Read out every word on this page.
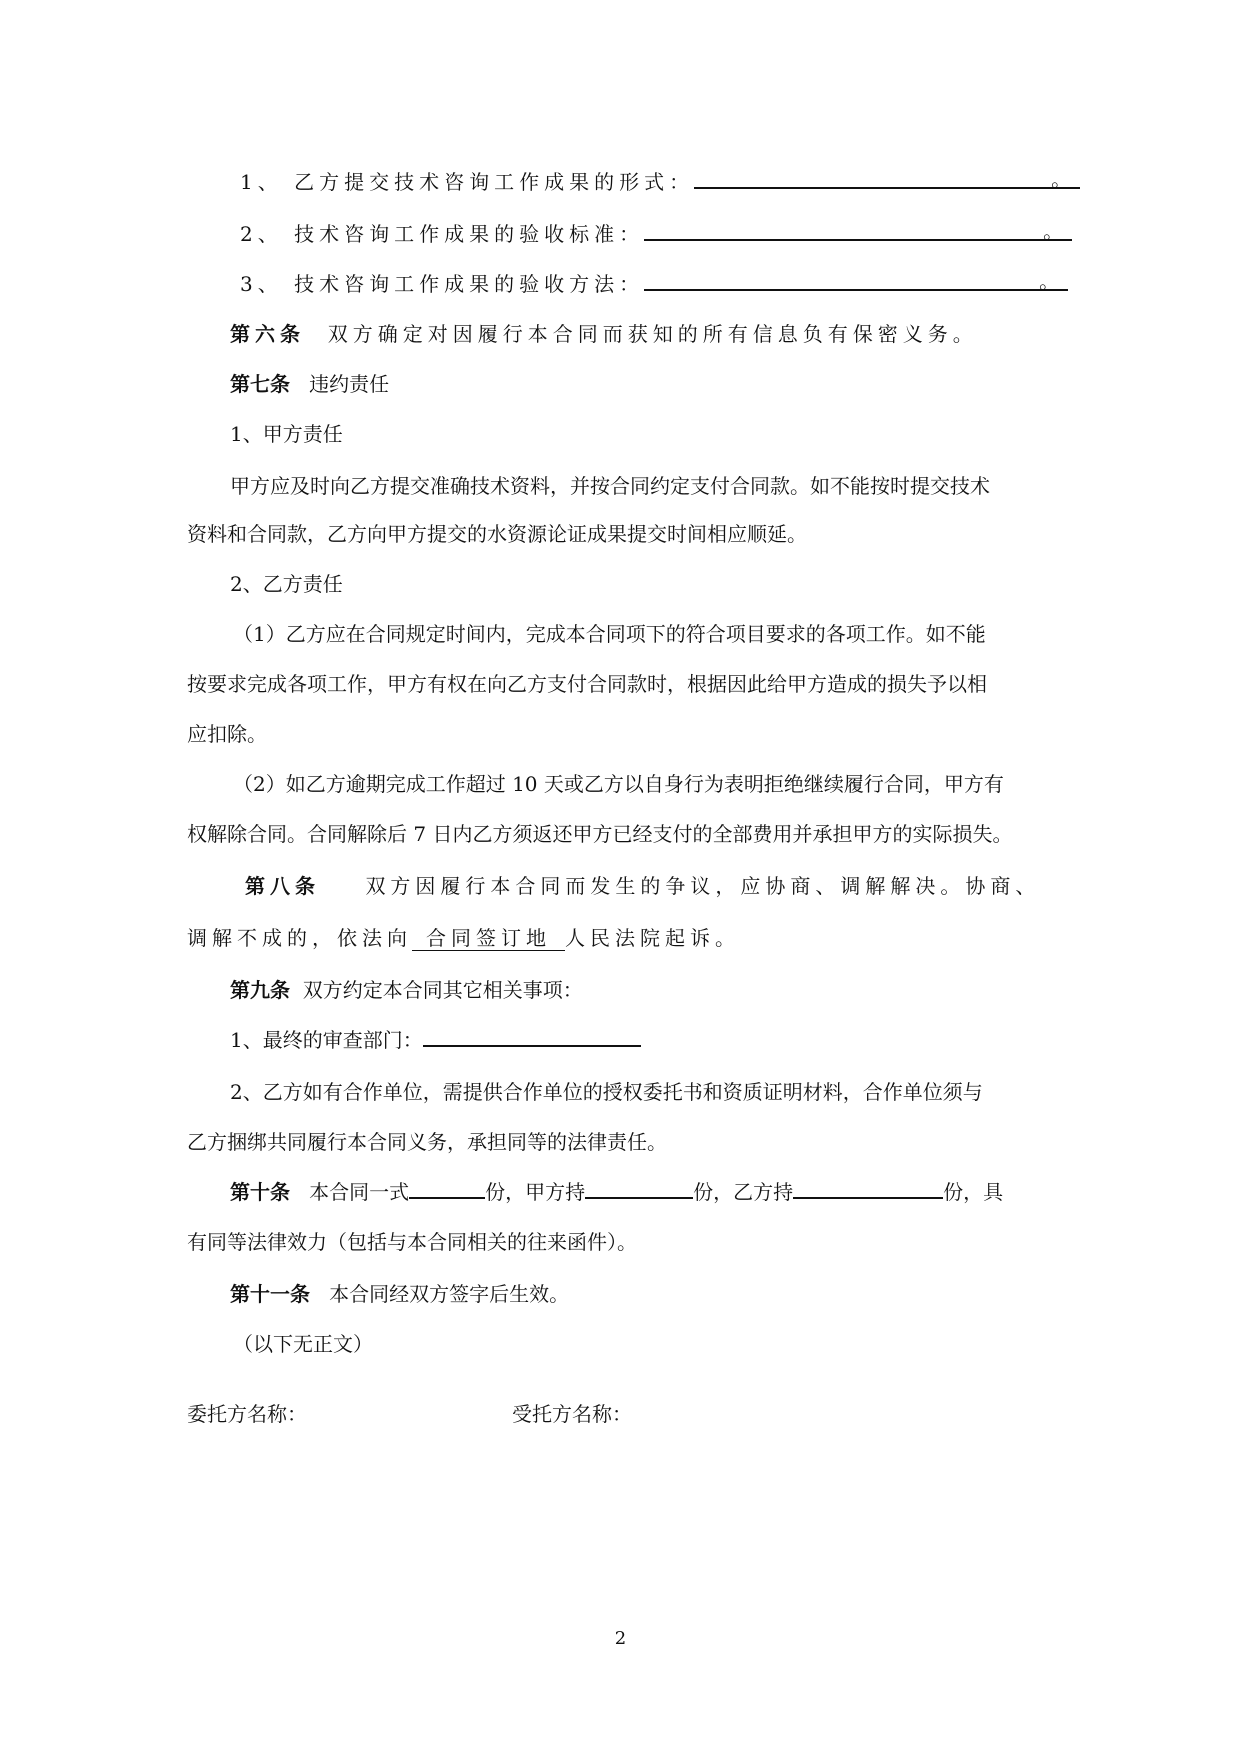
1、 乙方提交技术咨询工作成果的形式：	。
2、 技术咨询工作成果的验收标准：	。
3、 技术咨询工作成果的验收方法：	。
第六条 双方确定对因履行本合同而获知的所有信息负有保密义务。
第七条 违约责任
1、甲方责任
甲方应及时向乙方提交准确技术资料，并按合同约定支付合同款。如不能按时提交技术
资料和合同款，乙方向甲方提交的水资源论证成果提交时间相应顺延。
2、乙方责任
（1）乙方应在合同规定时间内，完成本合同项下的符合项目要求的各项工作。如不能
按要求完成各项工作，甲方有权在向乙方支付合同款时，根据因此给甲方造成的损失予以相
应扣除。
（2）如乙方逾期完成工作超过 10 天或乙方以自身行为表明拒绝继续履行合同，甲方有
权解除合同。合同解除后 7 日内乙方须返还甲方已经支付的全部费用并承担甲方的实际损失。
第八条 双方因履行本合同而发生的争议，应协商、调解解决。协商、
调解不成的，依法向 合同签订地 人民法院起诉。
第九条 双方约定本合同其它相关事项：
1、最终的审查部门：
2、乙方如有合作单位，需提供合作单位的授权委托书和资质证明材料，合作单位须与
乙方捆绑共同履行本合同义务，承担同等的法律责任。
第十条 本合同一式	份，甲方持	份，乙方持	份，具
有同等法律效力（包括与本合同相关的往来函件）。
第十一条 本合同经双方签字后生效。
（以下无正文）
委托方名称：	受托方名称：
2
